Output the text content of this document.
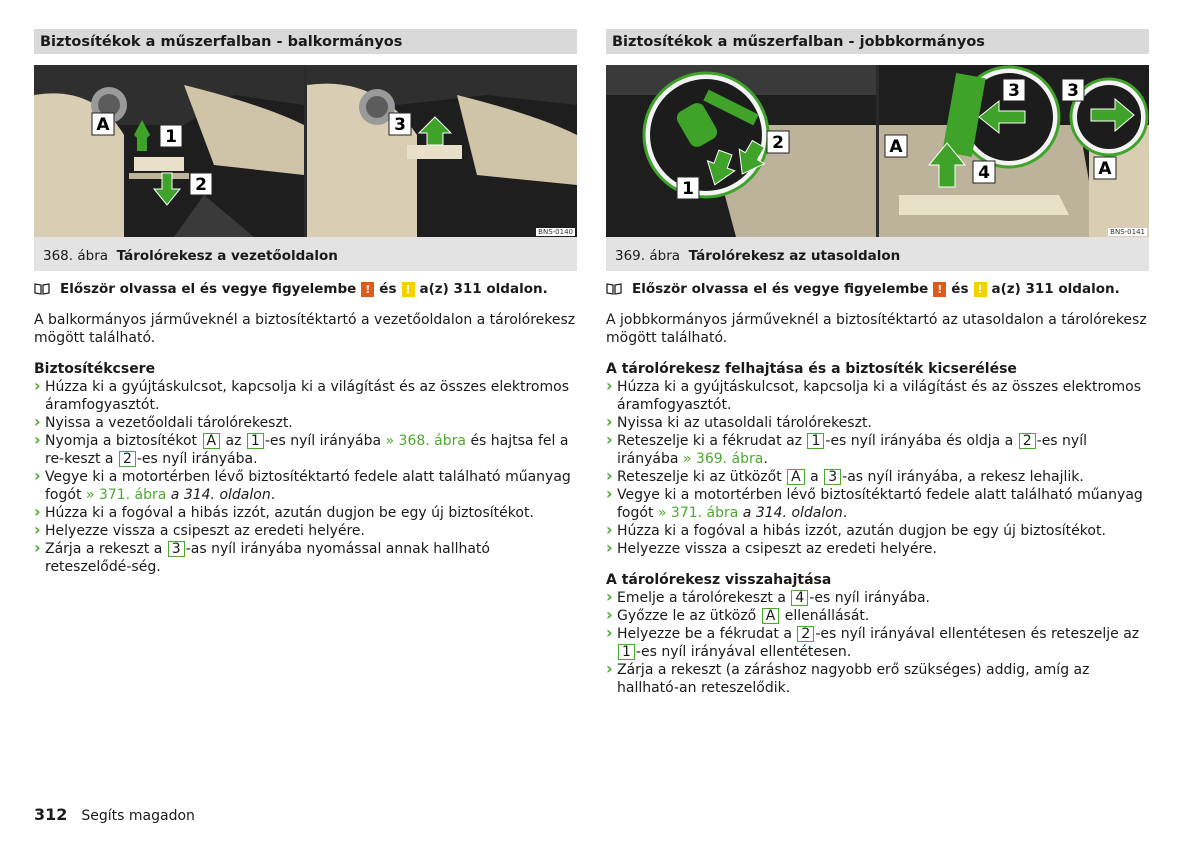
Biztosítékok a műszerfalban - balkormányos
A
1
2
3
BNS-0140
368. ábra Tárolórekesz a vezetőoldalon
Először olvassa el és vegye figyelembe ! és ! a(z) 311 oldalon.

A balkormányos járműveknél a biztosítéktartó a vezetőoldalon a tárolórekesz mögött található.

Biztosítékcsere
› Húzza ki a gyújtáskulcsot, kapcsolja ki a világítást és az összes elektromos áramfogyasztót.
› Nyissa a vezetőoldali tárolórekeszt.
› Nyomja a biztosítékot A az 1 -es nyíl irányába » 368. ábra és hajtsa fel a re-keszt a 2 -es nyíl irányába.
› Vegye ki a motortérben lévő biztosítéktartó fedele alatt található műanyag fogót » 371. ábra a 314. oldalon.
› Húzza ki a fogóval a hibás izzót, azután dugjon be egy új biztosítékot.
› Helyezze vissza a csipeszt az eredeti helyére.
› Zárja a rekeszt a 3 -as nyíl irányába nyomással annak hallható reteszelődé-ség.
Biztosítékok a műszerfalban - jobbkormányos
1
2	A
3
4
3
A
BNS-0141
369. ábra Tárolórekesz az utasoldalon
Először olvassa el és vegye figyelembe ! és ! a(z) 311 oldalon.

A jobbkormányos járműveknél a biztosítéktartó az utasoldalon a tárolórekesz mögött található.

A tárolórekesz felhajtása és a biztosíték kicserélése
› Húzza ki a gyújtáskulcsot, kapcsolja ki a világítást és az összes elektromos áramfogyasztót.
› Nyissa ki az utasoldali tárolórekeszt.
› Reteszelje ki a fékrudat az 1 -es nyíl irányába és oldja a 2 -es nyíl irányába » 369. ábra.
› Reteszelje ki az ütközőt A a 3 -as nyíl irányába, a rekesz lehajlik.
› Vegye ki a motortérben lévő biztosítéktartó fedele alatt található műanyag fogót » 371. ábra a 314. oldalon.
› Húzza ki a fogóval a hibás izzót, azután dugjon be egy új biztosítékot.
› Helyezze vissza a csipeszt az eredeti helyére.
A tárolórekesz visszahajtása
› Emelje a tárolórekeszt a 4 -es nyíl irányába.
› Győzze le az ütköző A ellenállását.
› Helyezze be a fékrudat a 2 -es nyíl irányával ellentétesen és reteszelje az 1 -es nyíl irányával ellentétesen.
› Zárja a rekeszt (a záráshoz nagyobb erő szükséges) addig, amíg az hallható-an reteszelődik.
312 Segíts magadon
